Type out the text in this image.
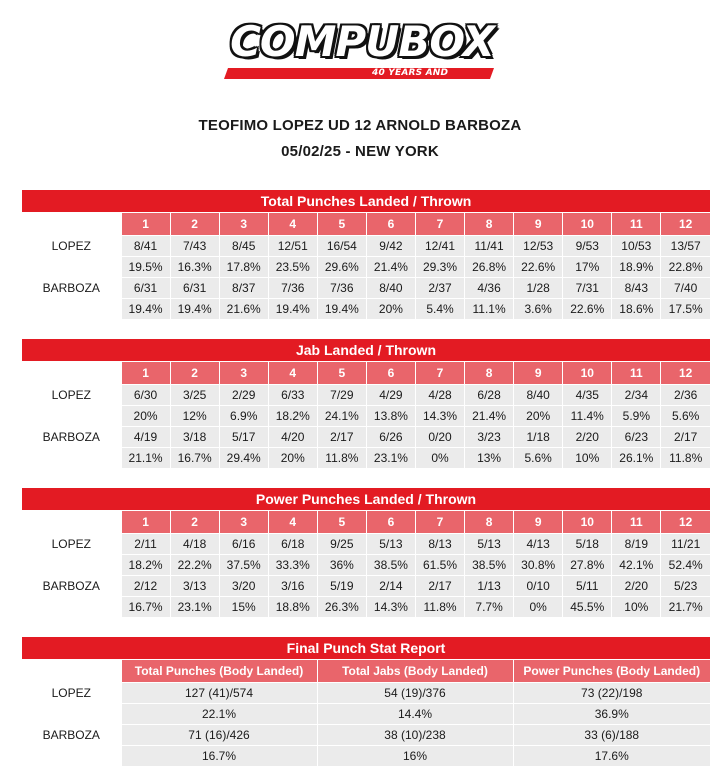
COMPUBOX
40 YEARS AND COUNTING
TEOFIMO LOPEZ UD 12 ARNOLD BARBOZA
05/02/25 - NEW YORK
Total Punches Landed / Thrown
	1	2	3	4	5	6	7	8	9	10	11	12
LOPEZ	8/41	7/43	8/45	12/51	16/54	9/42	12/41	11/41	12/53	9/53	10/53	13/57
	19.5%	16.3%	17.8%	23.5%	29.6%	21.4%	29.3%	26.8%	22.6%	17%	18.9%	22.8%
BARBOZA	6/31	6/31	8/37	7/36	7/36	8/40	2/37	4/36	1/28	7/31	8/43	7/40
	19.4%	19.4%	21.6%	19.4%	19.4%	20%	5.4%	11.1%	3.6%	22.6%	18.6%	17.5%
Jab Landed / Thrown
	1	2	3	4	5	6	7	8	9	10	11	12
LOPEZ	6/30	3/25	2/29	6/33	7/29	4/29	4/28	6/28	8/40	4/35	2/34	2/36
	20%	12%	6.9%	18.2%	24.1%	13.8%	14.3%	21.4%	20%	11.4%	5.9%	5.6%
BARBOZA	4/19	3/18	5/17	4/20	2/17	6/26	0/20	3/23	1/18	2/20	6/23	2/17
	21.1%	16.7%	29.4%	20%	11.8%	23.1%	0%	13%	5.6%	10%	26.1%	11.8%
Power Punches Landed / Thrown
	1	2	3	4	5	6	7	8	9	10	11	12
LOPEZ	2/11	4/18	6/16	6/18	9/25	5/13	8/13	5/13	4/13	5/18	8/19	11/21
	18.2%	22.2%	37.5%	33.3%	36%	38.5%	61.5%	38.5%	30.8%	27.8%	42.1%	52.4%
BARBOZA	2/12	3/13	3/20	3/16	5/19	2/14	2/17	1/13	0/10	5/11	2/20	5/23
	16.7%	23.1%	15%	18.8%	26.3%	14.3%	11.8%	7.7%	0%	45.5%	10%	21.7%
Final Punch Stat Report
	Total Punches (Body Landed)	Total Jabs (Body Landed)	Power Punches (Body Landed)
LOPEZ	127 (41)/574	54 (19)/376	73 (22)/198
	22.1%	14.4%	36.9%
BARBOZA	71 (16)/426	38 (10)/238	33 (6)/188
	16.7%	16%	17.6%
